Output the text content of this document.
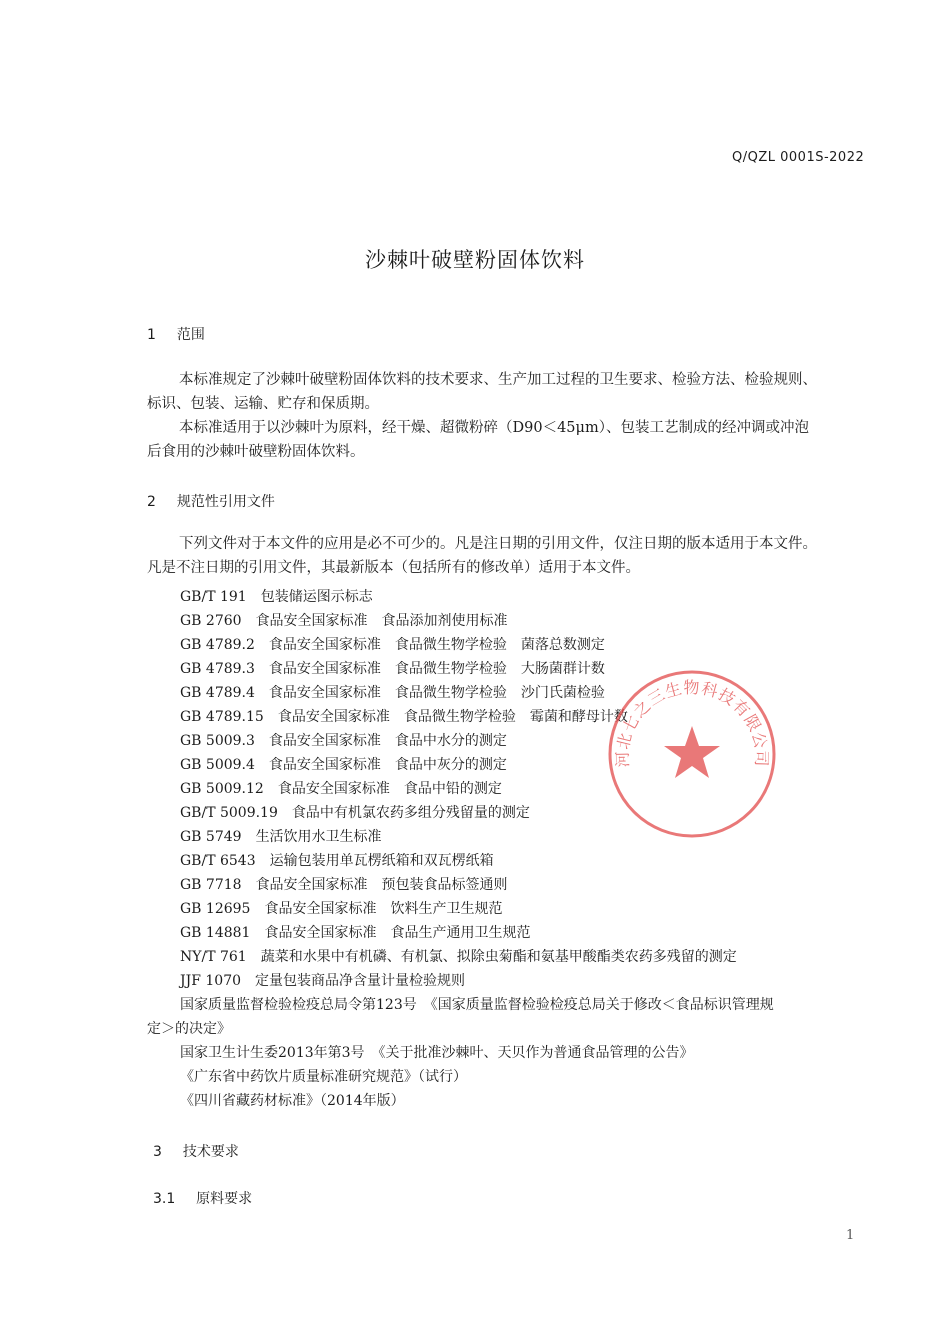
Q/QZL 0001S-2022
沙棘叶破壁粉固体饮料
1 范围
本标准规定了沙棘叶破壁粉固体饮料的技术要求、生产加工过程的卫生要求、检验方法、检验规则、
标识、包装、运输、贮存和保质期。
本标准适用于以沙棘叶为原料，经干燥、超微粉碎（D90＜45μm）、包装工艺制成的经冲调或冲泡
后食用的沙棘叶破壁粉固体饮料。
2 规范性引用文件
下列文件对于本文件的应用是必不可少的。凡是注日期的引用文件，仅注日期的版本适用于本文件。
凡是不注日期的引用文件，其最新版本（包括所有的修改单）适用于本文件。
GB/T 191　 包装储运图示标志
GB 2760　 食品安全国家标准　食品添加剂使用标准
GB 4789.2　 食品安全国家标准　食品微生物学检验　菌落总数测定
GB 4789.3　 食品安全国家标准　食品微生物学检验　大肠菌群计数
GB 4789.4　 食品安全国家标准　食品微生物学检验　沙门氏菌检验
GB 4789.15　 食品安全国家标准　食品微生物学检验　霉菌和酵母计数
GB 5009.3　 食品安全国家标准　食品中水分的测定
GB 5009.4　 食品安全国家标准　食品中灰分的测定
GB 5009.12　 食品安全国家标准　食品中铅的测定
GB/T 5009.19　 食品中有机氯农药多组分残留量的测定
GB 5749　 生活饮用水卫生标准
GB/T 6543　 运输包装用单瓦楞纸箱和双瓦楞纸箱
GB 7718　 食品安全国家标准　预包装食品标签通则
GB 12695　 食品安全国家标准　饮料生产卫生规范
GB 14881　 食品安全国家标准　食品生产通用卫生规范
NY/T 761　 蔬菜和水果中有机磷、有机氯、拟除虫菊酯和氨基甲酸酯类农药多残留的测定
JJF 1070　 定量包装商品净含量计量检验规则
国家质量监督检验检疫总局令第123号　《国家质量监督检验检疫总局关于修改＜食品标识管理规
定＞的决定》
国家卫生计生委2013年第3号　《关于批准沙棘叶、天贝作为普通食品管理的公告》
《广东省中药饮片质量标准研究规范》（试行）
《四川省藏药材标准》（2014年版）
3 技术要求
3.1 原料要求
河北七之三生物科技有限公司
1
